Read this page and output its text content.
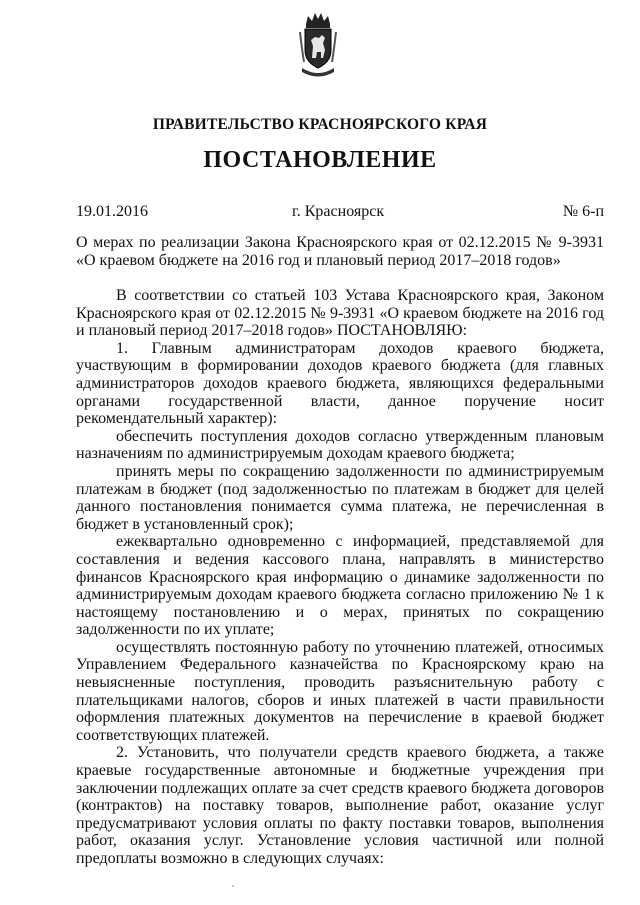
ПРАВИТЕЛЬСТВО КРАСНОЯРСКОГО КРАЯ
ПОСТАНОВЛЕНИЕ
19.01.2016	г. Красноярск	№ 6-п
О мерах по реализации Закона Красноярского края от 02.12.2015 № 9-3931 «О краевом бюджете на 2016 год и плановый период 2017–2018 годов»

В соответствии со статьей 103 Устава Красноярского края, Законом Красноярского края от 02.12.2015 № 9-3931 «О краевом бюджете на 2016 год и плановый период 2017–2018 годов» ПОСТАНОВЛЯЮ:

1. Главным администраторам доходов краевого бюджета, участвующим в формировании доходов краевого бюджета (для главных администраторов доходов краевого бюджета, являющихся федеральными органами государственной власти, данное поручение носит рекомендательный характер):

обеспечить поступления доходов согласно утвержденным плановым назначениям по администрируемым доходам краевого бюджета;

принять меры по сокращению задолженности по администрируемым платежам в бюджет (под задолженностью по платежам в бюджет для целей данного постановления понимается сумма платежа, не перечисленная в бюджет в установленный срок);

ежеквартально одновременно с информацией, представляемой для составления и ведения кассового плана, направлять в министерство финансов Красноярского края информацию о динамике задолженности по администрируемым доходам краевого бюджета согласно приложению № 1 к настоящему постановлению и о мерах, принятых по сокращению задолженности по их уплате;

осуществлять постоянную работу по уточнению платежей, относимых Управлением Федерального казначейства по Красноярскому краю на невыясненные поступления, проводить разъяснительную работу с плательщиками налогов, сборов и иных платежей в части правильности оформления платежных документов на перечисление в краевой бюджет соответствующих платежей.

2. Установить, что получатели средств краевого бюджета, а также краевые государственные автономные и бюджетные учреждения при заключении подлежащих оплате за счет средств краевого бюджета договоров (контрактов) на поставку товаров, выполнение работ, оказание услуг предусматривают условия оплаты по факту поставки товаров, выполнения работ, оказания услуг. Установление условия частичной или полной предоплаты возможно в следующих случаях:
